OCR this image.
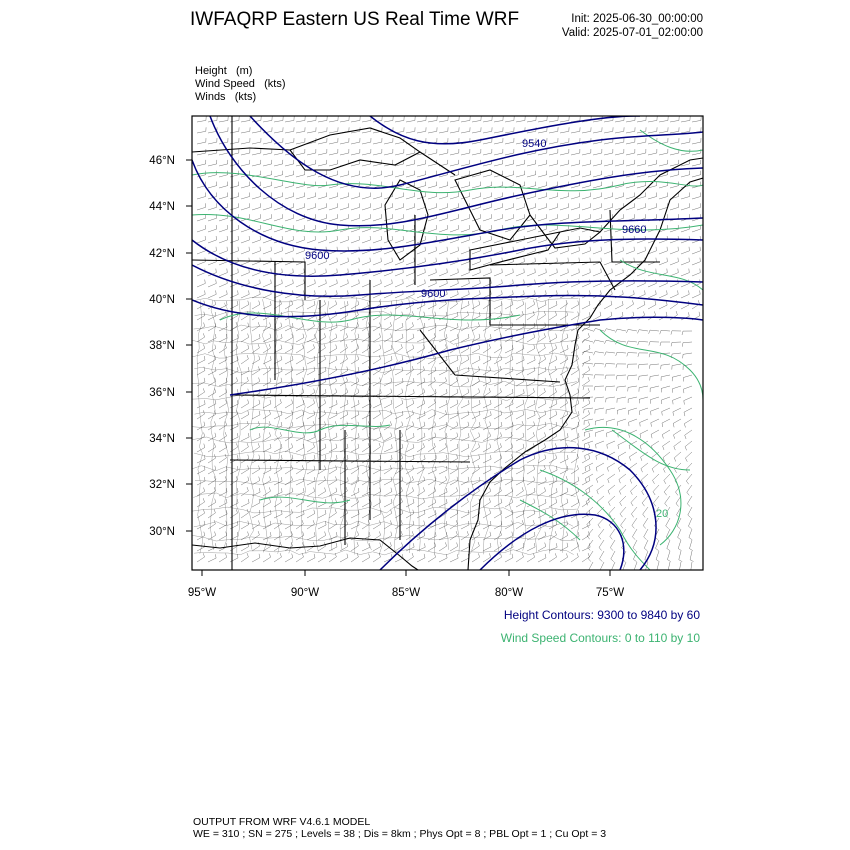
IWFAQRP Eastern US Real Time WRF	Init: 2025-06-30_00:00:00
Valid: 2025-07-01_02:00:00
Height   (m)
Wind Speed   (kts)
Winds   (kts)
9540
9600
9600
9660
20
46°N
44°N
42°N
40°N
38°N
36°N
34°N
32°N
30°N
95°W	90°W	85°W	80°W	75°W
Height Contours: 9300 to 9840 by 60
Wind Speed Contours: 0 to 110 by 10
OUTPUT FROM WRF V4.6.1 MODEL
WE = 310 ; SN = 275 ; Levels = 38 ; Dis = 8km ; Phys Opt = 8 ; PBL Opt = 1 ; Cu Opt = 3
